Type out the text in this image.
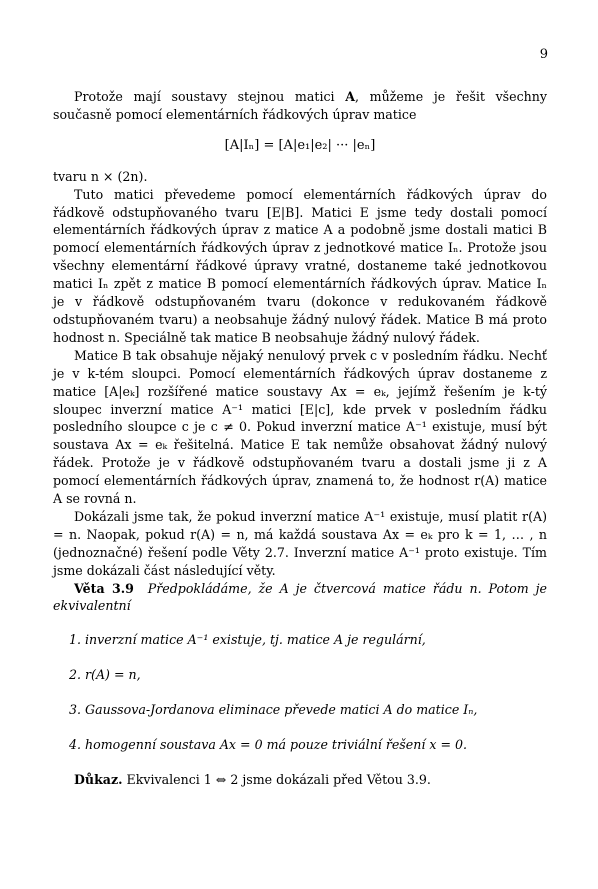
9

Protože mají soustavy stejnou matici A, můžeme je řešit všechny současně pomocí elementárních řádkových úprav matice

[A|Iₙ] = [A|e₁|e₂| ··· |eₙ]

tvaru n × (2n).

Tuto matici převedeme pomocí elementárních řádkových úprav do řádkově odstupňovaného tvaru [E|B]. Matici E jsme tedy dostali pomocí elementárních řádkových úprav z matice A a podobně jsme dostali matici B pomocí elementárních řádkových úprav z jednotkové matice Iₙ. Protože jsou všechny elementární řádkové úpravy vratné, dostaneme také jednotkovou matici Iₙ zpět z matice B pomocí elementárních řádkových úprav. Matice Iₙ je v řádkově odstupňovaném tvaru (dokonce v redukovaném řádkově odstupňovaném tvaru) a neobsahuje žádný nulový řádek. Matice B má proto hodnost n. Speciálně tak matice B neobsahuje žádný nulový řádek.

Matice B tak obsahuje nějaký nenulový prvek c v posledním řádku. Nechť je v k-tém sloupci. Pomocí elementárních řádkových úprav dostaneme z matice [A|eₖ] rozšířené matice soustavy Ax = eₖ, jejímž řešením je k-tý sloupec inverzní matice A⁻¹ matici [E|c], kde prvek v posledním řádku posledního sloupce c je c ≠ 0. Pokud inverzní matice A⁻¹ existuje, musí být soustava Ax = eₖ řešitelná. Matice E tak nemůže obsahovat žádný nulový řádek. Protože je v řádkově odstupňovaném tvaru a dostali jsme ji z A pomocí elementárních řádkových úprav, znamená to, že hodnost r(A) matice A se rovná n.

Dokázali jsme tak, že pokud inverzní matice A⁻¹ existuje, musí platit r(A) = n. Naopak, pokud r(A) = n, má každá soustava Ax = eₖ pro k = 1, … , n (jednoznačné) řešení podle Věty 2.7. Inverzní matice A⁻¹ proto existuje. Tím jsme dokázali část následující věty.

Věta 3.9 Předpokládáme, že A je čtvercová matice řádu n. Potom je ekvivalentní

1. inverzní matice A⁻¹ existuje, tj. matice A je regulární,
2. r(A) = n,
3. Gaussova-Jordanova eliminace převede matici A do matice Iₙ,
4. homogenní soustava Ax = 0 má pouze triviální řešení x = 0.

Důkaz. Ekvivalenci 1 ⇔ 2 jsme dokázali před Větou 3.9.
